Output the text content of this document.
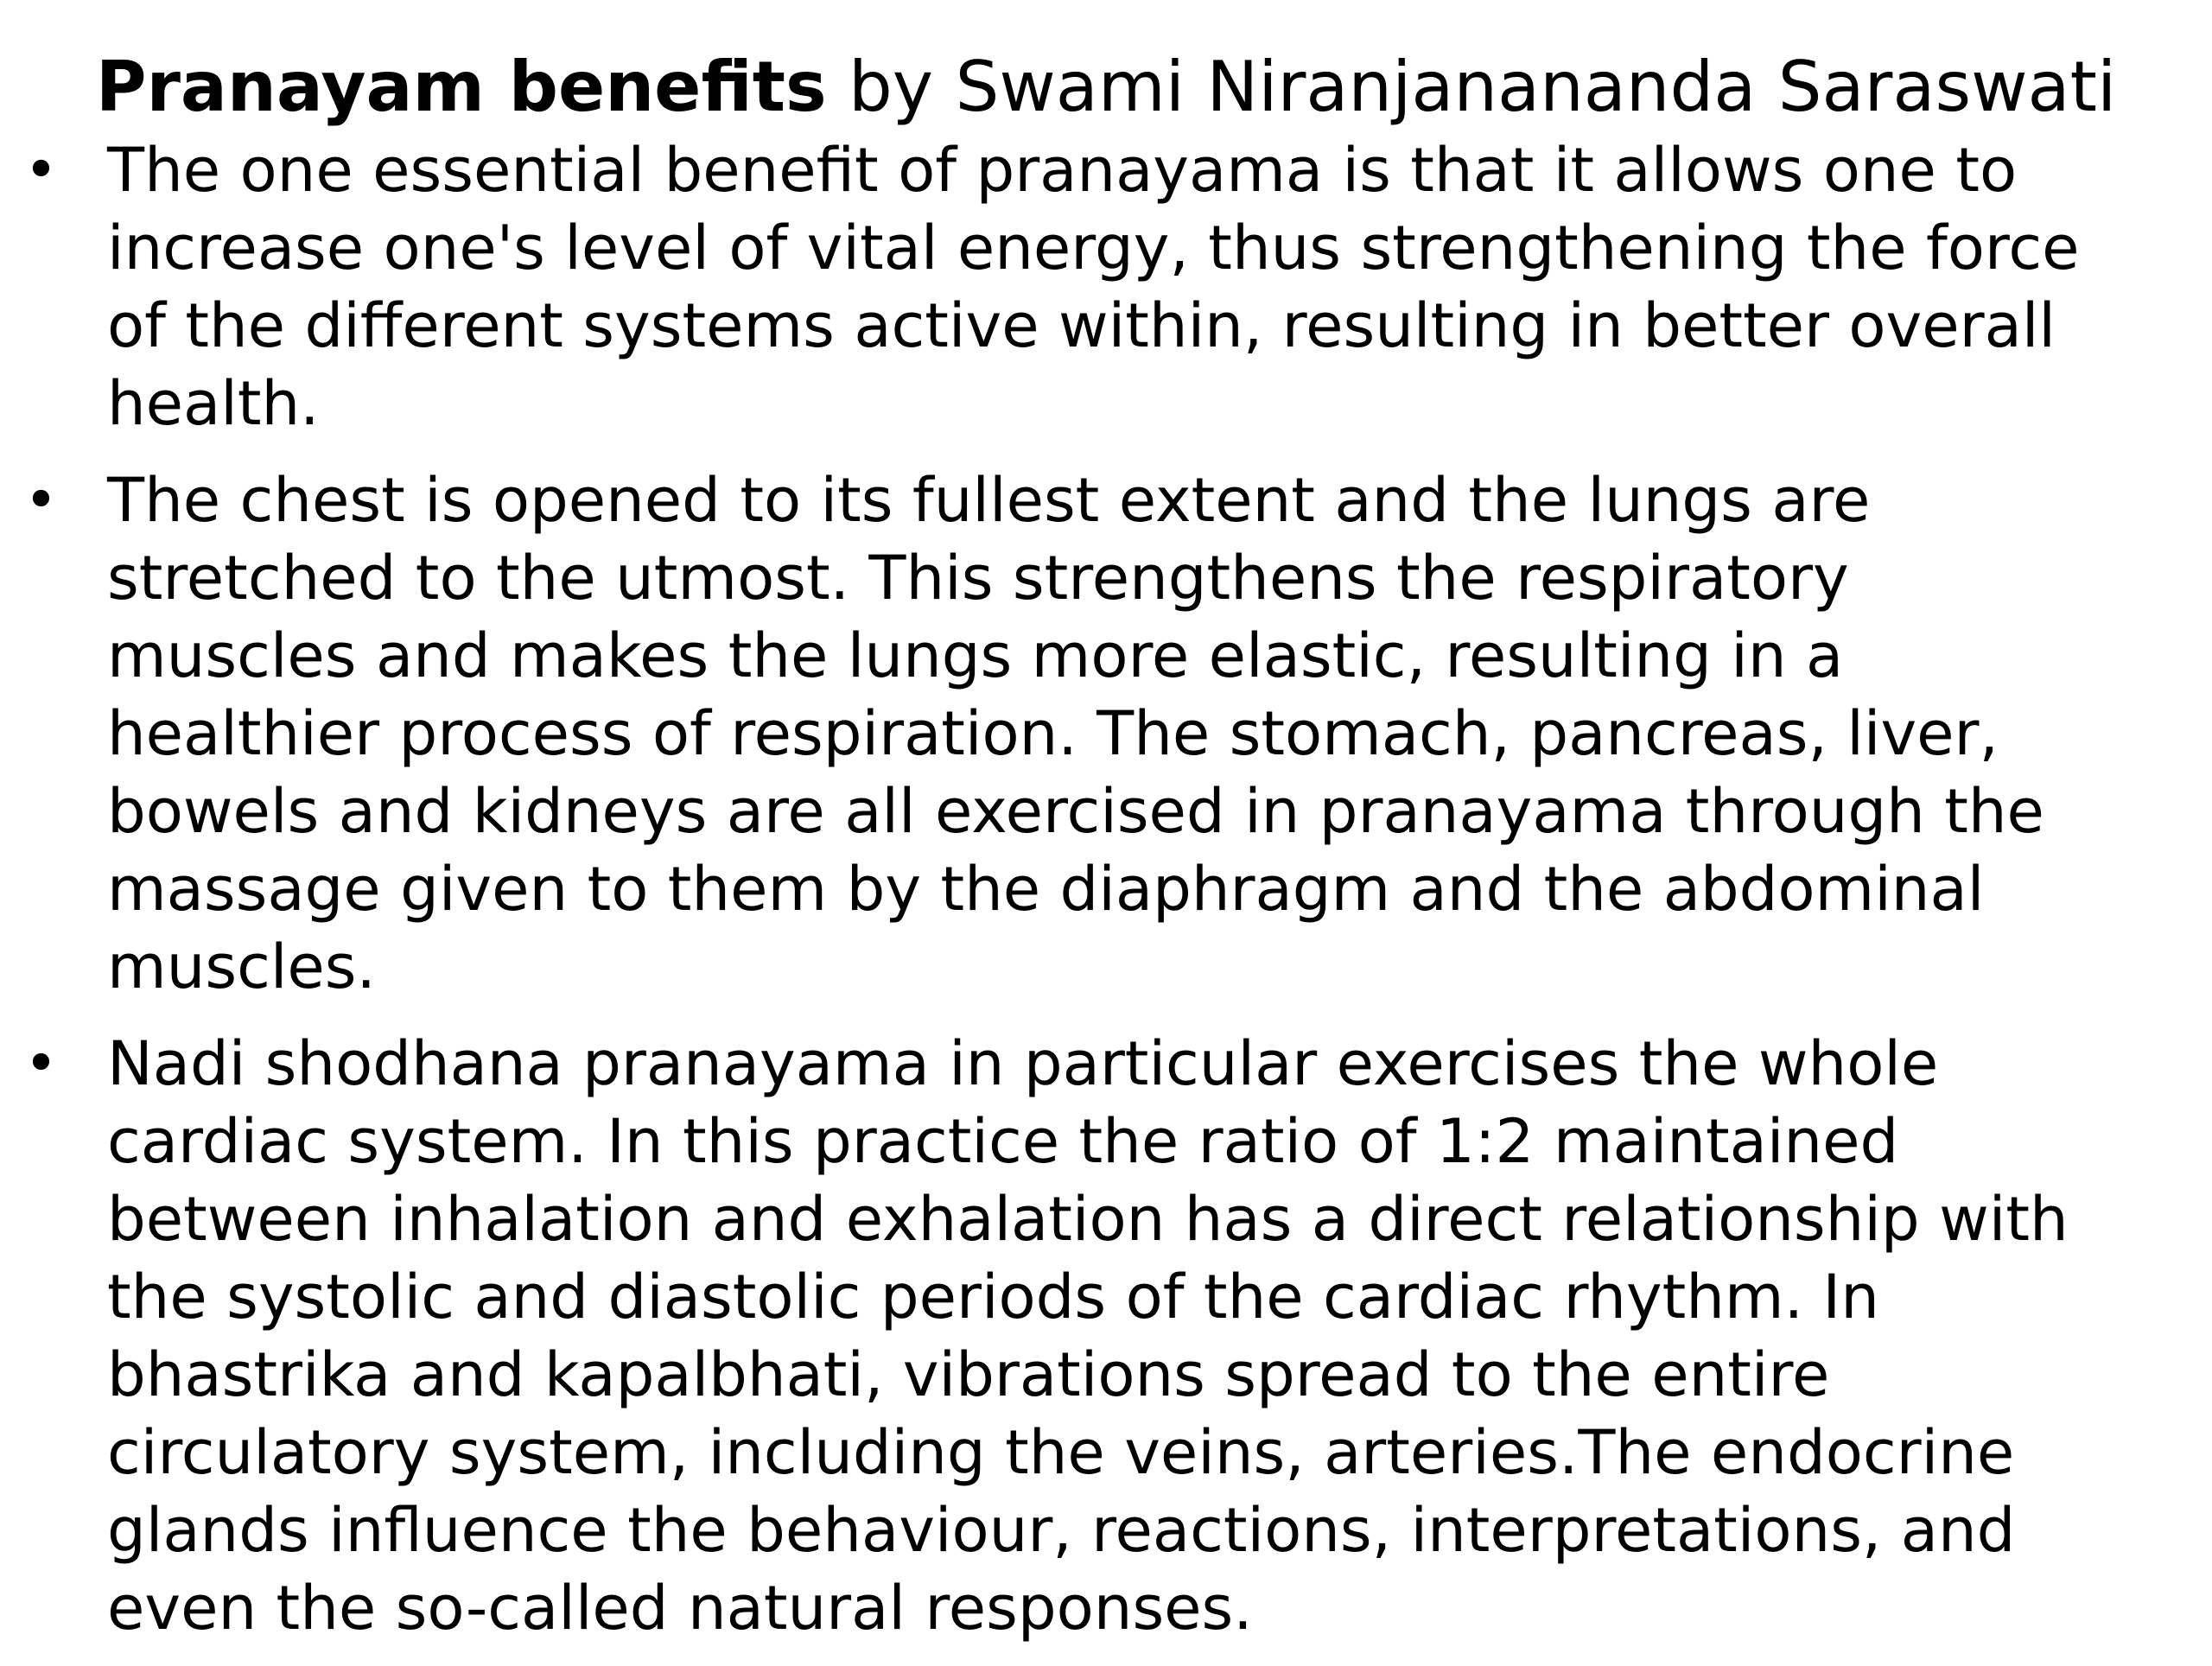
Pranayam benefits by Swami Niranjanananda Saraswati
• The one essential benefit of pranayama is that it allows one to
increase one's level of vital energy, thus strengthening the force
of the different systems active within, resulting in better overall
health.
• The chest is opened to its fullest extent and the lungs are
stretched to the utmost. This strengthens the respiratory
muscles and makes the lungs more elastic, resulting in a
healthier process of respiration. The stomach, pancreas, liver,
bowels and kidneys are all exercised in pranayama through the
massage given to them by the diaphragm and the abdominal
muscles.
• Nadi shodhana pranayama in particular exercises the whole
cardiac system. In this practice the ratio of 1:2 maintained
between inhalation and exhalation has a direct relationship with
the systolic and diastolic periods of the cardiac rhythm. In
bhastrika and kapalbhati, vibrations spread to the entire
circulatory system, including the veins, arteries.The endocrine
glands influence the behaviour, reactions, interpretations, and
even the so-called natural responses.
